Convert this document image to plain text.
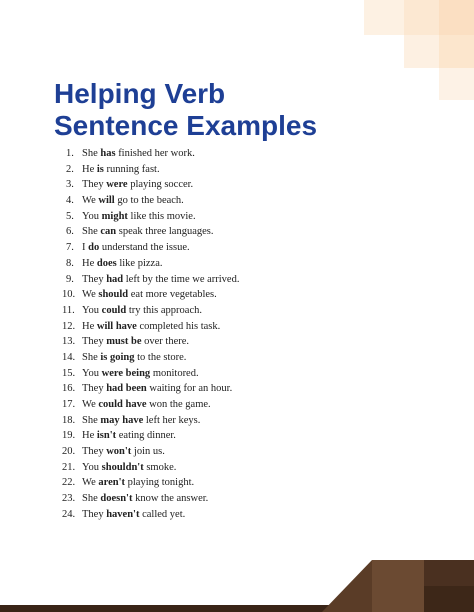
Helping Verb
Sentence Examples
1. She has finished her work.
2. He is running fast.
3. They were playing soccer.
4. We will go to the beach.
5. You might like this movie.
6. She can speak three languages.
7. I do understand the issue.
8. He does like pizza.
9. They had left by the time we arrived.
10. We should eat more vegetables.
11. You could try this approach.
12. He will have completed his task.
13. They must be over there.
14. She is going to the store.
15. You were being monitored.
16. They had been waiting for an hour.
17. We could have won the game.
18. She may have left her keys.
19. He isn't eating dinner.
20. They won't join us.
21. You shouldn't smoke.
22. We aren't playing tonight.
23. She doesn't know the answer.
24. They haven't called yet.
